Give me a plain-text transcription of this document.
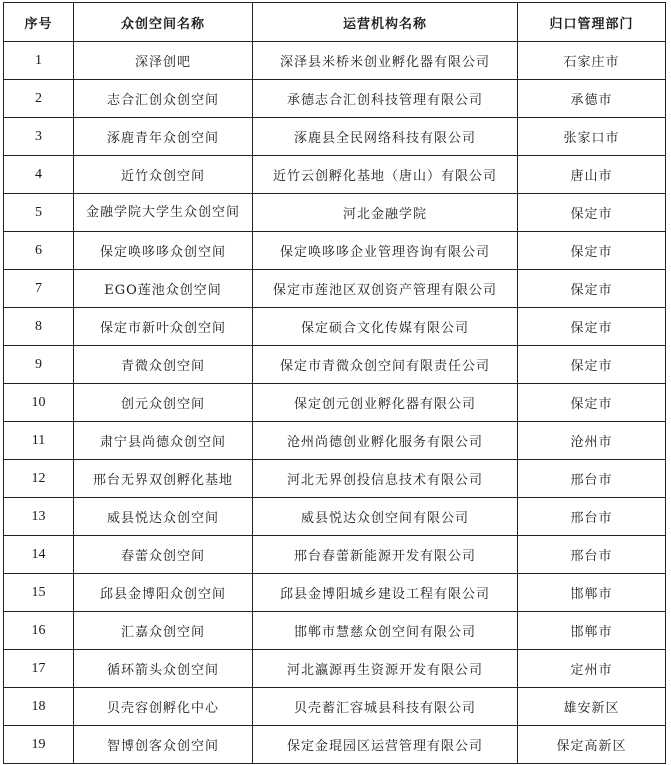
序号	众创空间名称	运营机构名称	归口管理部门
1	深泽创吧	深泽县米桥米创业孵化器有限公司	石家庄市
2	志合汇创众创空间	承德志合汇创科技管理有限公司	承德市
3	涿鹿青年众创空间	涿鹿县全民网络科技有限公司	张家口市
4	近竹众创空间	近竹云创孵化基地（唐山）有限公司	唐山市
5	金融学院大学生众创空间	河北金融学院	保定市
6	保定唤哆哆众创空间	保定唤哆哆企业管理咨询有限公司	保定市
7	EGO莲池众创空间	保定市莲池区双创资产管理有限公司	保定市
8	保定市新叶众创空间	保定硕合文化传媒有限公司	保定市
9	青微众创空间	保定市青微众创空间有限责任公司	保定市
10	创元众创空间	保定创元创业孵化器有限公司	保定市
11	肃宁县尚德众创空间	沧州尚德创业孵化服务有限公司	沧州市
12	邢台无界双创孵化基地	河北无界创投信息技术有限公司	邢台市
13	威县悦达众创空间	威县悦达众创空间有限公司	邢台市
14	春蕾众创空间	邢台春蕾新能源开发有限公司	邢台市
15	邱县金博阳众创空间	邱县金博阳城乡建设工程有限公司	邯郸市
16	汇嘉众创空间	邯郸市慧慈众创空间有限公司	邯郸市
17	循环箭头众创空间	河北瀛源再生资源开发有限公司	定州市
18	贝壳容创孵化中心	贝壳蓄汇容城县科技有限公司	雄安新区
19	智博创客众创空间	保定金琨园区运营管理有限公司	保定高新区
